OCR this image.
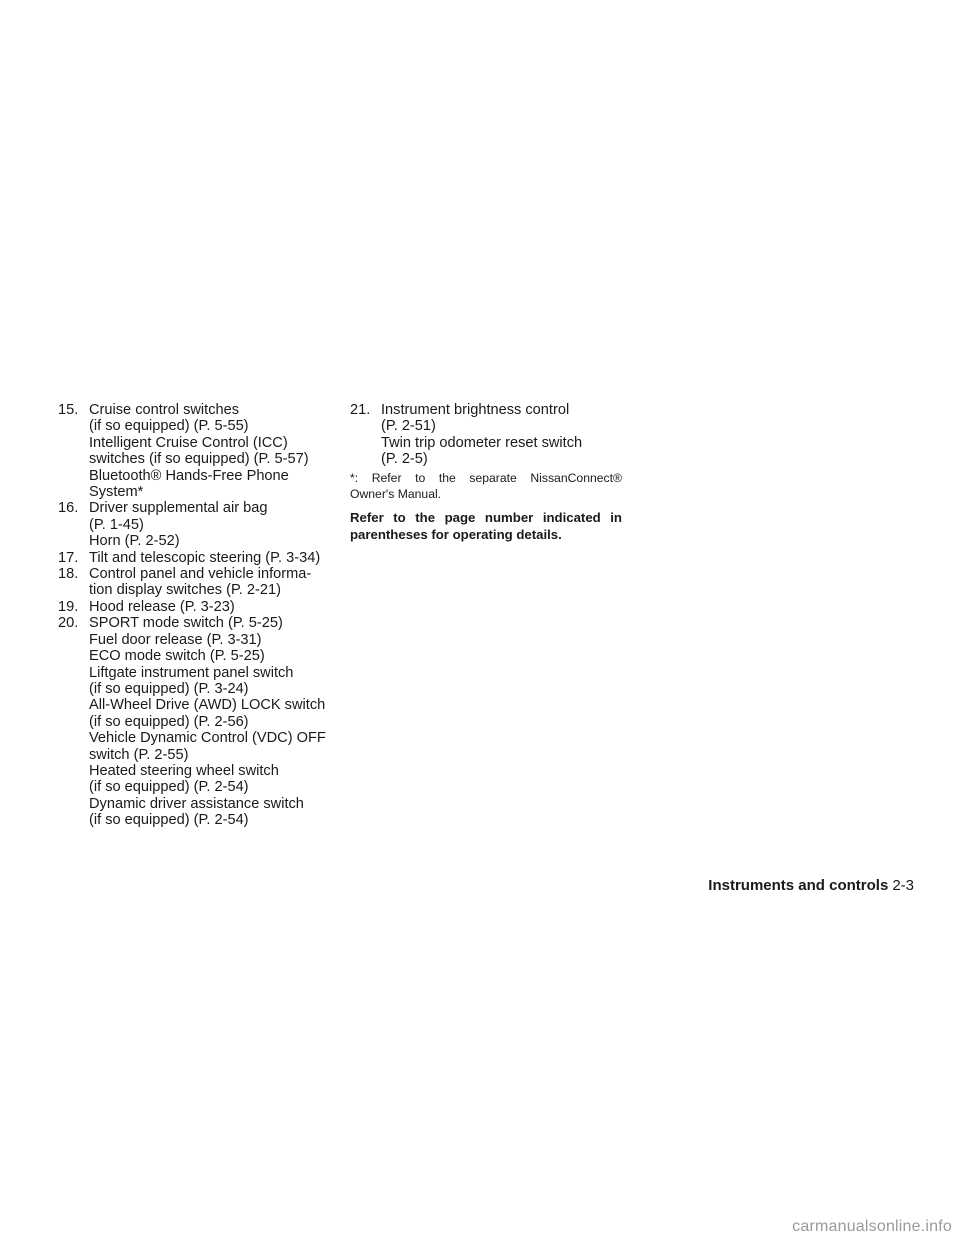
15. Cruise control switches
(if so equipped) (P. 5-55)
Intelligent Cruise Control (ICC)
switches (if so equipped) (P. 5-57)
Bluetooth® Hands-Free Phone
System*
16. Driver supplemental air bag
(P. 1-45)
Horn (P. 2-52)
17. Tilt and telescopic steering (P. 3-34)
18. Control panel and vehicle informa-
tion display switches (P. 2-21)
19. Hood release (P. 3-23)
20. SPORT mode switch (P. 5-25)
Fuel door release (P. 3-31)
ECO mode switch (P. 5-25)
Liftgate instrument panel switch
(if so equipped) (P. 3-24)
All-Wheel Drive (AWD) LOCK switch
(if so equipped) (P. 2-56)
Vehicle Dynamic Control (VDC) OFF
switch (P. 2-55)
Heated steering wheel switch
(if so equipped) (P. 2-54)
Dynamic driver assistance switch
(if so equipped) (P. 2-54)
21. Instrument brightness control
(P. 2-51)
Twin trip odometer reset switch
(P. 2-5)
*: Refer to the separate NissanConnect®
Owner's Manual.
Refer to the page number indicated in
parentheses for operating details.
Instruments and controls 2-3
carmanualsonline.info
